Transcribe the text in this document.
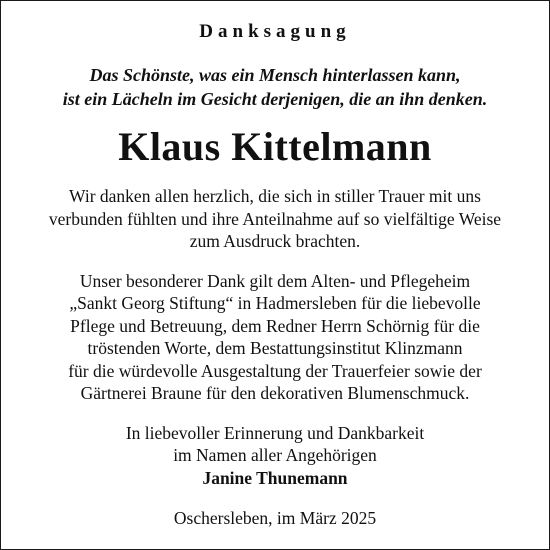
Danksagung
Das Schönste, was ein Mensch hinterlassen kann,
ist ein Lächeln im Gesicht derjenigen, die an ihn denken.
Klaus Kittelmann
Wir danken allen herzlich, die sich in stiller Trauer mit uns
verbunden fühlten und ihre Anteilnahme auf so vielfältige Weise
zum Ausdruck brachten.
Unser besonderer Dank gilt dem Alten- und Pflegeheim
„Sankt Georg Stiftung“ in Hadmersleben für die liebevolle
Pflege und Betreuung, dem Redner Herrn Schörnig für die
tröstenden Worte, dem Bestattungsinstitut Klinzmann
für die würdevolle Ausgestaltung der Trauerfeier sowie der
Gärtnerei Braune für den dekorativen Blumenschmuck.
In liebevoller Erinnerung und Dankbarkeit
im Namen aller Angehörigen
Janine Thunemann
Oschersleben, im März 2025
